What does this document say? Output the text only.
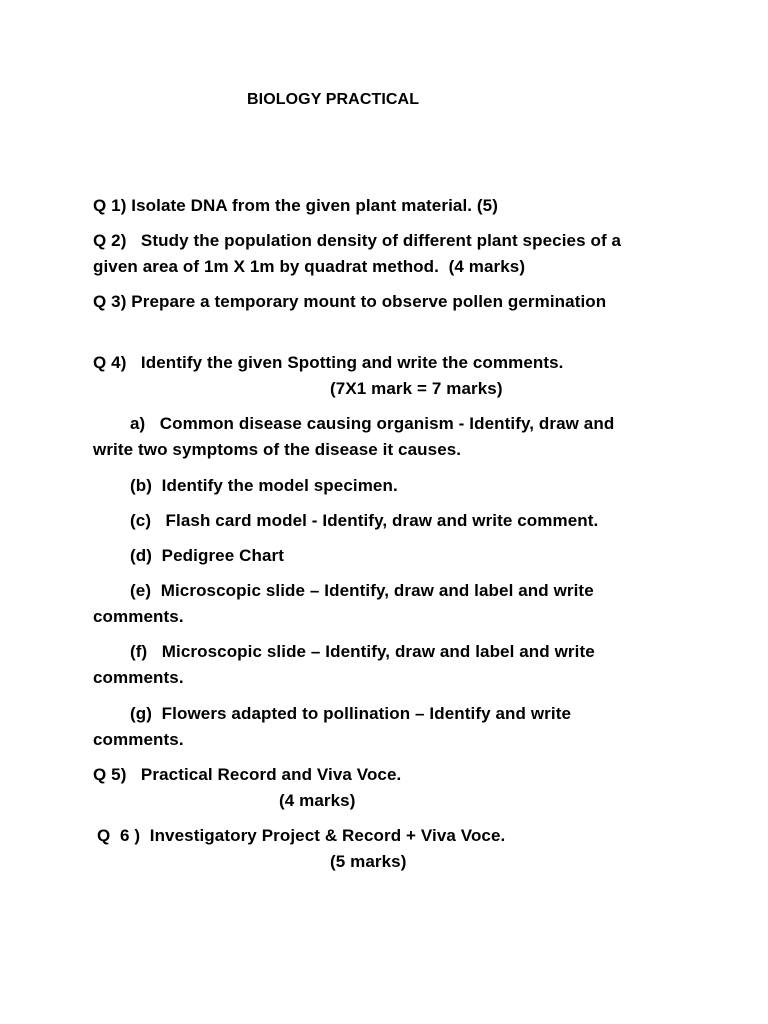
BIOLOGY PRACTICAL
Q 1) Isolate DNA from the given plant material. (5)
Q 2)   Study the population density of different plant species of a
given area of 1m X 1m by quadrat method.  (4 marks)
Q 3) Prepare a temporary mount to observe pollen germination
Q 4)   Identify the given Spotting and write the comments.
(7X1 mark = 7 marks)
a)   Common disease causing organism - Identify, draw and
write two symptoms of the disease it causes.
(b)  Identify the model specimen.
(c)   Flash card model - Identify, draw and write comment.
(d)  Pedigree Chart
(e)  Microscopic slide – Identify, draw and label and write
comments.
(f)   Microscopic slide – Identify, draw and label and write
comments.
(g)  Flowers adapted to pollination – Identify and write
comments.
Q 5)   Practical Record and Viva Voce.
(4 marks)
Q  6 )  Investigatory Project & Record + Viva Voce.
(5 marks)
